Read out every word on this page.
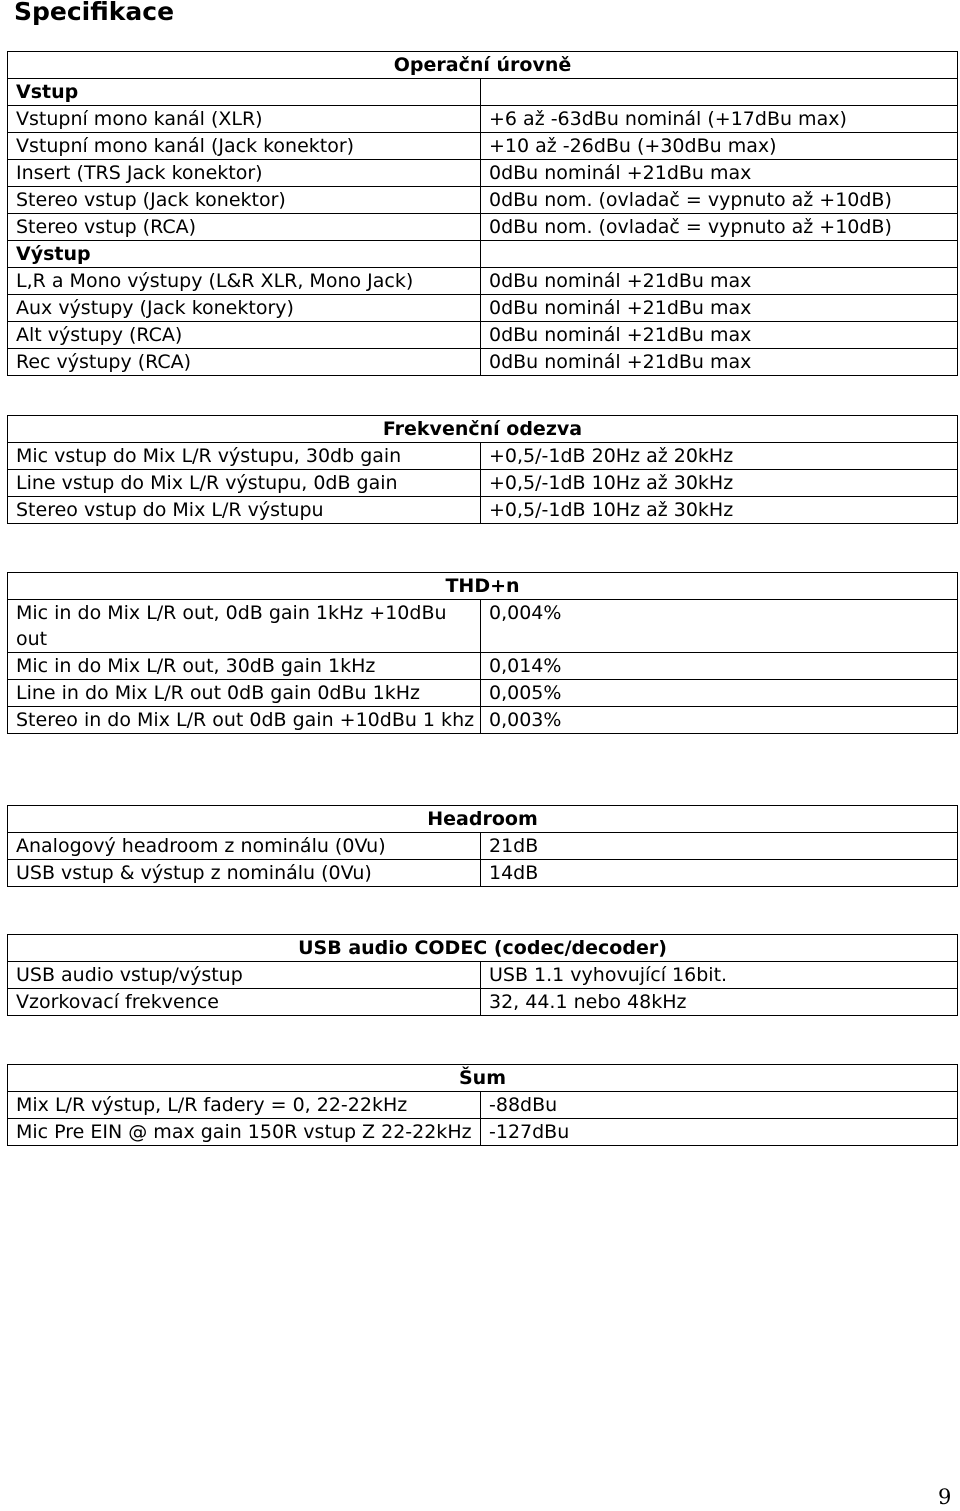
Specifikace
Operační úrovně	
Vstup	
Vstupní mono kanál (XLR)	+6 až -63dBu nominál (+17dBu max)
Vstupní mono kanál (Jack konektor)	+10 až -26dBu (+30dBu max)
Insert (TRS Jack konektor)	0dBu nominál +21dBu max
Stereo vstup (Jack konektor)	0dBu nom. (ovladač = vypnuto až +10dB)
Stereo vstup (RCA)	0dBu nom. (ovladač = vypnuto až +10dB)
Výstup	
L,R a Mono výstupy (L&R XLR, Mono Jack)	0dBu nominál +21dBu max
Aux výstupy (Jack konektory)	0dBu nominál +21dBu max
Alt výstupy (RCA)	0dBu nominál +21dBu max
Rec výstupy (RCA)	0dBu nominál +21dBu max
Frekvenční odezva	
Mic vstup do Mix L/R výstupu, 30db gain	+0,5/-1dB 20Hz až 20kHz
Line vstup do Mix L/R výstupu, 0dB gain	+0,5/-1dB 10Hz až 30kHz
Stereo vstup do Mix L/R výstupu	+0,5/-1dB 10Hz až 30kHz
THD+n	
Mic in do Mix L/R out, 0dB gain 1kHz +10dBu out	0,004%
Mic in do Mix L/R out, 30dB gain 1kHz	0,014%
Line in do Mix L/R out 0dB gain 0dBu 1kHz	0,005%
Stereo in do Mix L/R out 0dB gain +10dBu 1 khz	0,003%
Headroom	
Analogový headroom z nominálu (0Vu)	21dB
USB vstup & výstup z nominálu (0Vu)	14dB
USB audio CODEC (codec/decoder)	
USB audio vstup/výstup	USB 1.1 vyhovující 16bit.
Vzorkovací frekvence	32, 44.1 nebo 48kHz
Šum	
Mix L/R výstup, L/R fadery = 0, 22-22kHz	-88dBu
Mic Pre EIN @ max gain 150R vstup Z 22-22kHz	-127dBu
9
